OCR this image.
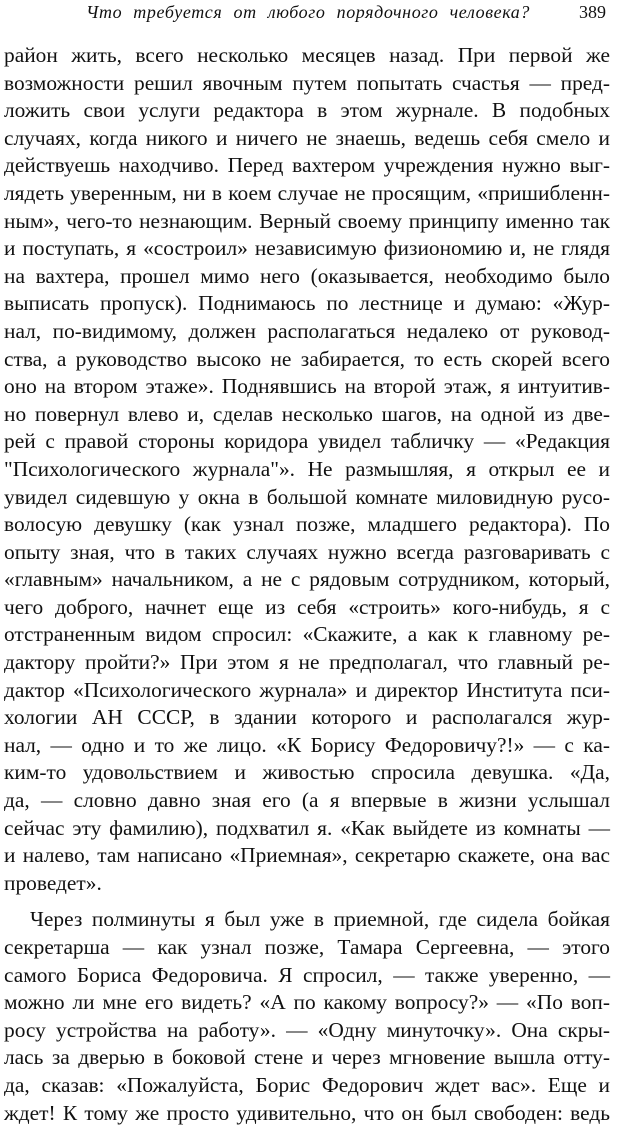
Что требуется от любого порядочного человека?	389
район жить, всего несколько месяцев назад. При первой же
возможности решил явочным путем попытать счастья — пред-
ложить свои услуги редактора в этом журнале. В подобных
случаях, когда никого и ничего не знаешь, ведешь себя смело и
действуешь находчиво. Перед вахтером учреждения нужно выг-
лядеть уверенным, ни в коем случае не просящим, «пришибленн-
ным», чего-то незнающим. Верный своему принципу именно так
и поступать, я «состроил» независимую физиономию и, не глядя
на вахтера, прошел мимо него (оказывается, необходимо было
выписать пропуск). Поднимаюсь по лестнице и думаю: «Жур-
нал, по-видимому, должен располагаться недалеко от руковод-
ства, а руководство высоко не забирается, то есть скорей всего
оно на втором этаже». Поднявшись на второй этаж, я интуитив-
но повернул влево и, сделав несколько шагов, на одной из две-
рей с правой стороны коридора увидел табличку — «Редакция
"Психологического журнала"». Не размышляя, я открыл ее и
увидел сидевшую у окна в большой комнате миловидную русо-
волосую девушку (как узнал позже, младшего редактора). По
опыту зная, что в таких случаях нужно всегда разговаривать с
«главным» начальником, а не с рядовым сотрудником, который,
чего доброго, начнет еще из себя «строить» кого-нибудь, я с
отстраненным видом спросил: «Скажите, а как к главному ре-
дактору пройти?» При этом я не предполагал, что главный ре-
дактор «Психологического журнала» и директор Института пси-
хологии АН СССР, в здании которого и располагался жур-
нал, — одно и то же лицо. «К Борису Федоровичу?!» — с ка-
ким-то удовольствием и живостью спросила девушка. «Да,
да, — словно давно зная его (а я впервые в жизни услышал
сейчас эту фамилию), подхватил я. «Как выйдете из комнаты —
и налево, там написано «Приемная», секретарю скажете, она вас
проведет».
Через полминуты я был уже в приемной, где сидела бойкая
секретарша — как узнал позже, Тамара Сергеевна, — этого
самого Бориса Федоровича. Я спросил, — также уверенно, —
можно ли мне его видеть? «А по какому вопросу?» — «По воп-
росу устройства на работу». — «Одну минуточку». Она скры-
лась за дверью в боковой стене и через мгновение вышла отту-
да, сказав: «Пожалуйста, Борис Федорович ждет вас». Еще и
ждет! К тому же просто удивительно, что он был свободен: ведь
